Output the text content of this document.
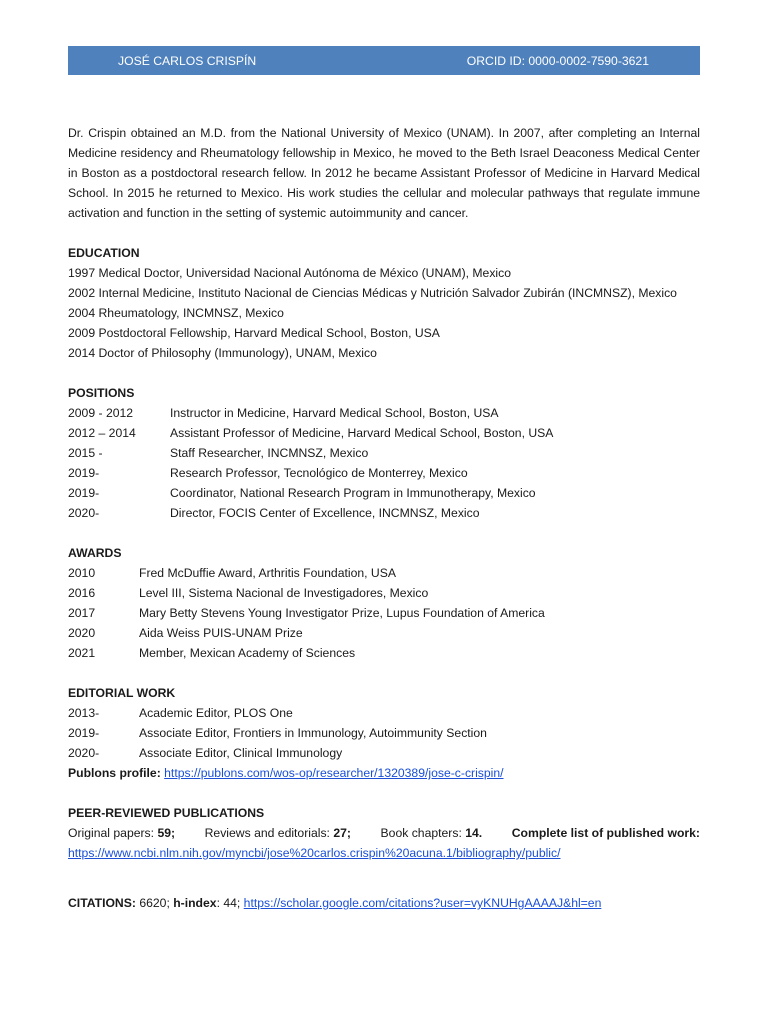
JOSÉ CARLOS CRISPÍN	ORCID ID: 0000-0002-7590-3621

Dr. Crispin obtained an M.D. from the National University of Mexico (UNAM). In 2007, after completing an Internal Medicine residency and Rheumatology fellowship in Mexico, he moved to the Beth Israel Deaconess Medical Center in Boston as a postdoctoral research fellow. In 2012 he became Assistant Professor of Medicine in Harvard Medical School. In 2015 he returned to Mexico. His work studies the cellular and molecular pathways that regulate immune activation and function in the setting of systemic autoimmunity and cancer.

EDUCATION
1997 Medical Doctor, Universidad Nacional Autónoma de México (UNAM), Mexico
2002 Internal Medicine, Instituto Nacional de Ciencias Médicas y Nutrición Salvador Zubirán (INCMNSZ), Mexico
2004 Rheumatology, INCMNSZ, Mexico
2009 Postdoctoral Fellowship, Harvard Medical School, Boston, USA
2014 Doctor of Philosophy (Immunology), UNAM, Mexico
POSITIONS
2009 - 2012	Instructor in Medicine, Harvard Medical School, Boston, USA
2012 – 2014	Assistant Professor of Medicine, Harvard Medical School, Boston, USA
2015 -	Staff Researcher, INCMNSZ, Mexico
2019-	Research Professor, Tecnológico de Monterrey, Mexico
2019-	Coordinator, National Research Program in Immunotherapy, Mexico
2020-	Director, FOCIS Center of Excellence, INCMNSZ, Mexico
AWARDS
2010	Fred McDuffie Award, Arthritis Foundation, USA
2016	Level III, Sistema Nacional de Investigadores, Mexico
2017	Mary Betty Stevens Young Investigator Prize, Lupus Foundation of America
2020	Aida Weiss PUIS-UNAM Prize
2021	Member, Mexican Academy of Sciences
EDITORIAL WORK
2013-	Academic Editor, PLOS One
2019-	Associate Editor, Frontiers in Immunology, Autoimmunity Section
2020-	Associate Editor, Clinical Immunology
Publons profile: https://publons.com/wos-op/researcher/1320389/jose-c-crispin/
PEER-REVIEWED PUBLICATIONS
Original papers: 59; Reviews and editorials: 27; Book chapters: 14. Complete list of published work:
https://www.ncbi.nlm.nih.gov/myncbi/jose%20carlos.crispin%20acuna.1/bibliography/public/
CITATIONS: 6620; h-index: 44; https://scholar.google.com/citations?user=vyKNUHgAAAAJ&hl=en
